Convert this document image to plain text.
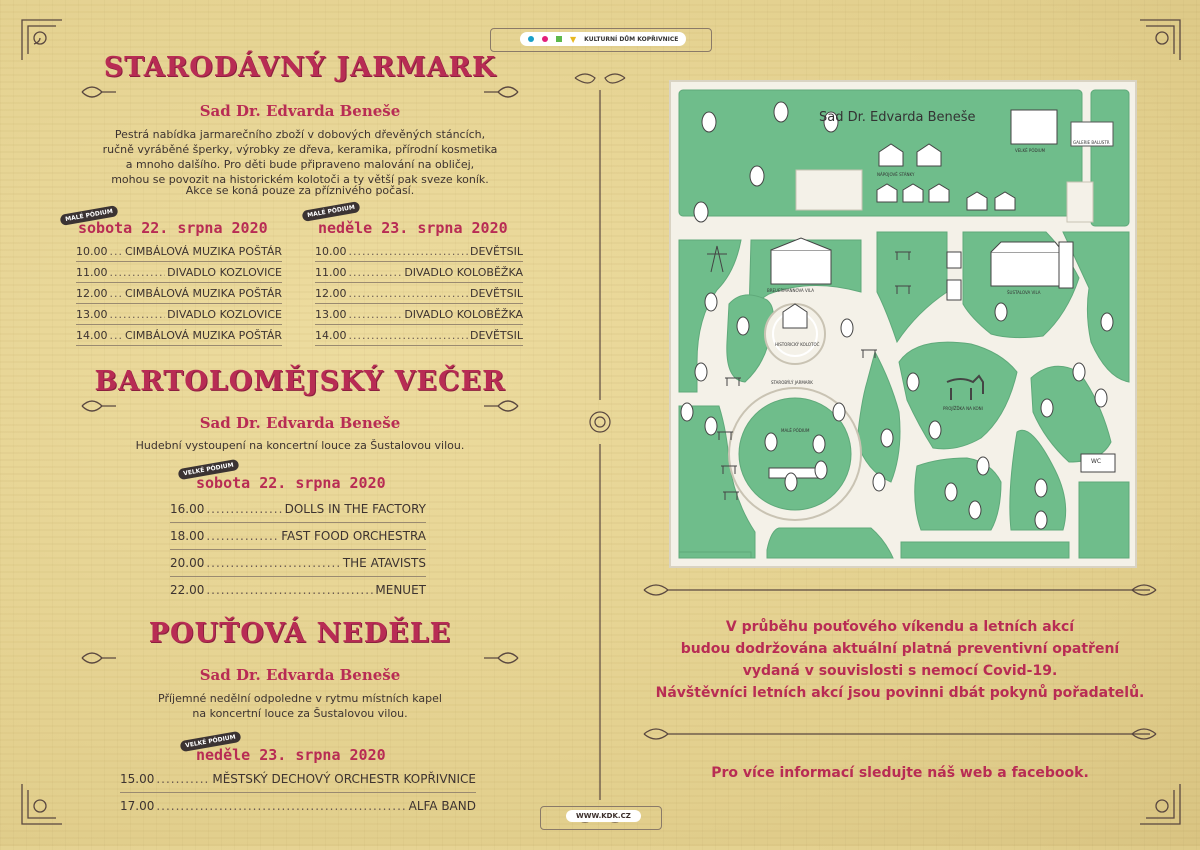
▼ KULTURNÍ DŮM KOPŘIVNICE
WWW.KDK.CZ
STARODÁVNÝ JARMARK
Sad Dr. Edvarda Beneše
Pestrá nabídka jarmarečního zboží v dobových dřevěných stáncích,
ručně vyráběné šperky, výrobky ze dřeva, keramika, přírodní kosmetika
a mnoho dalšího. Pro děti bude připraveno malování na obličej,
mohou se povozit na historickém kolotoči a ty větší pak sveze koník.
Akce se koná pouze za příznivého počasí.
MALÉ PÓDIUM
sobota 22. srpna 2020
MALÉ PÓDIUM
neděle 23. srpna 2020
10.00 ..... CIMBÁLOVÁ MUZIKA POŠTÁR
11.00 .....	DIVADLO KOZLOVICE
12.00 ..... CIMBÁLOVÁ MUZIKA POŠTÁR
13.00 .....	DIVADLO KOZLOVICE
14.00 ..... CIMBÁLOVÁ MUZIKA POŠTÁR
10.00 .....	DEVĚTSIL
11.00 .....	DIVADLO KOLOBĚŽKA
12.00 .....	DEVĚTSIL
13.00 .....	DIVADLO KOLOBĚŽKA
14.00 .....	DEVĚTSIL
BARTOLOMĚJSKÝ VEČER
Sad Dr. Edvarda Beneše
Hudební vystoupení na koncertní louce za Šustalovou vilou.
VELKÉ PÓDIUM
sobota 22. srpna 2020
16.00 .....	DOLLS IN THE FACTORY
18.00 .....	FAST FOOD ORCHESTRA
20.00 .....	THE ATAVISTS
22.00 .....	MENUET
POUŤOVÁ NEDĚLE
Sad Dr. Edvarda Beneše
Příjemné nedělní odpoledne v rytmu místních kapel
na koncertní louce za Šustalovou vilou.
VELKÉ PÓDIUM
neděle 23. srpna 2020
15.00 .....	MĚSTSKÝ DECHOVÝ ORCHESTR KOPŘIVNICE
17.00 .....	ALFA BAND
Sad Dr. Edvarda Beneše
VELKÉ PÓDIUM
GALERIE BALUSTR
NÁPOJOVÉ STÁNKY
BREUERMANNOVA VILA	ŠUSTALOVA VILA
HISTORICKÝ KOLOTOČ
STAROBÝLÝ JARMARK
MALÉ PÓDIUM
PROJÍŽĎKA NA KONI
WC
V průběhu pouťového víkendu a letních akcí
budou dodržována aktuální platná preventivní opatření
vydaná v souvislosti s nemocí Covid-19.
Návštěvníci letních akcí jsou povinni dbát pokynů pořadatelů.
Pro více informací sledujte náš web a facebook.
